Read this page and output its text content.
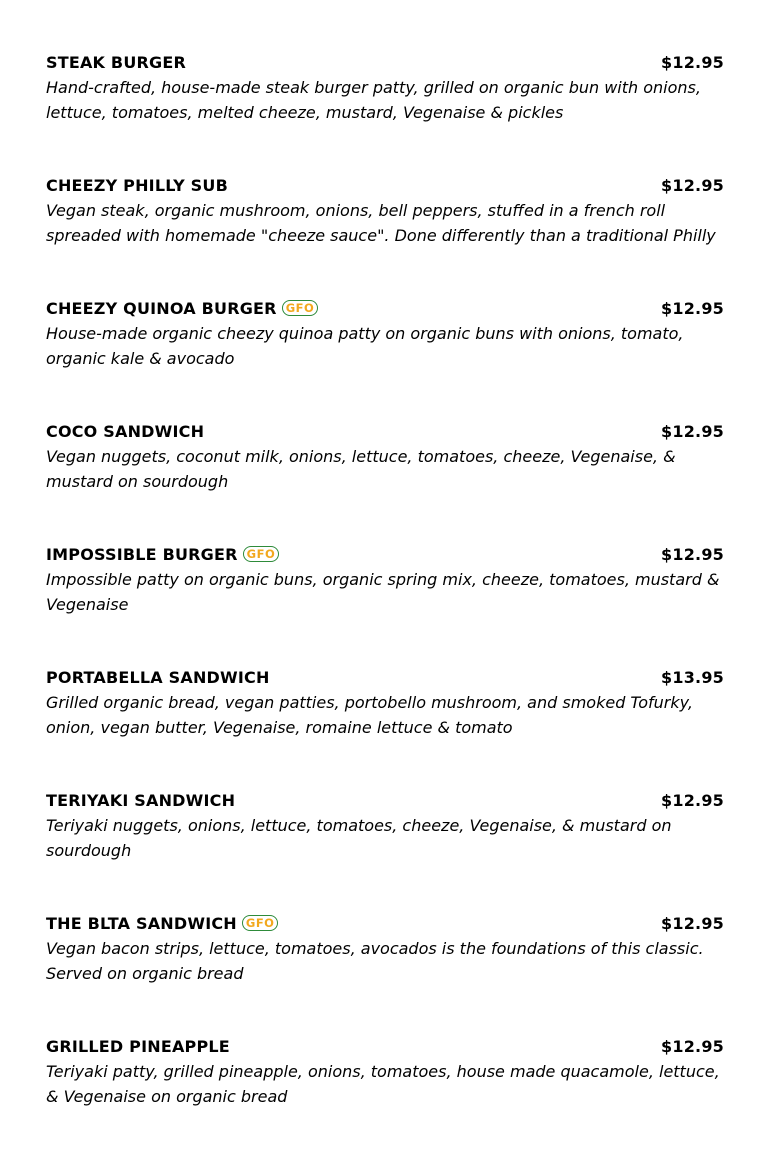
STEAK BURGER	$12.95
Hand-crafted, house-made steak burger patty, grilled on organic bun with onions, lettuce, tomatoes, melted cheeze, mustard, Vegenaise & pickles
CHEEZY PHILLY SUB	$12.95
Vegan steak, organic mushroom, onions, bell peppers, stuffed in a french roll spreaded with homemade "cheeze sauce". Done differently than a traditional Philly
CHEEZY QUINOA BURGER GFO	$12.95
House-made organic cheezy quinoa patty on organic buns with onions, tomato, organic kale & avocado
COCO SANDWICH	$12.95
Vegan nuggets, coconut milk, onions, lettuce, tomatoes, cheeze, Vegenaise, & mustard on sourdough
IMPOSSIBLE BURGER GFO	$12.95
Impossible patty on organic buns, organic spring mix, cheeze, tomatoes, mustard & Vegenaise
PORTABELLA SANDWICH	$13.95
Grilled organic bread, vegan patties, portobello mushroom, and smoked Tofurky, onion, vegan butter, Vegenaise, romaine lettuce & tomato
TERIYAKI SANDWICH	$12.95
Teriyaki nuggets, onions, lettuce, tomatoes, cheeze, Vegenaise, & mustard on sourdough
THE BLTA SANDWICH GFO	$12.95
Vegan bacon strips, lettuce, tomatoes, avocados is the foundations of this classic. Served on organic bread
GRILLED PINEAPPLE	$12.95
Teriyaki patty, grilled pineapple, onions, tomatoes, house made quacamole, lettuce, & Vegenaise on organic bread
